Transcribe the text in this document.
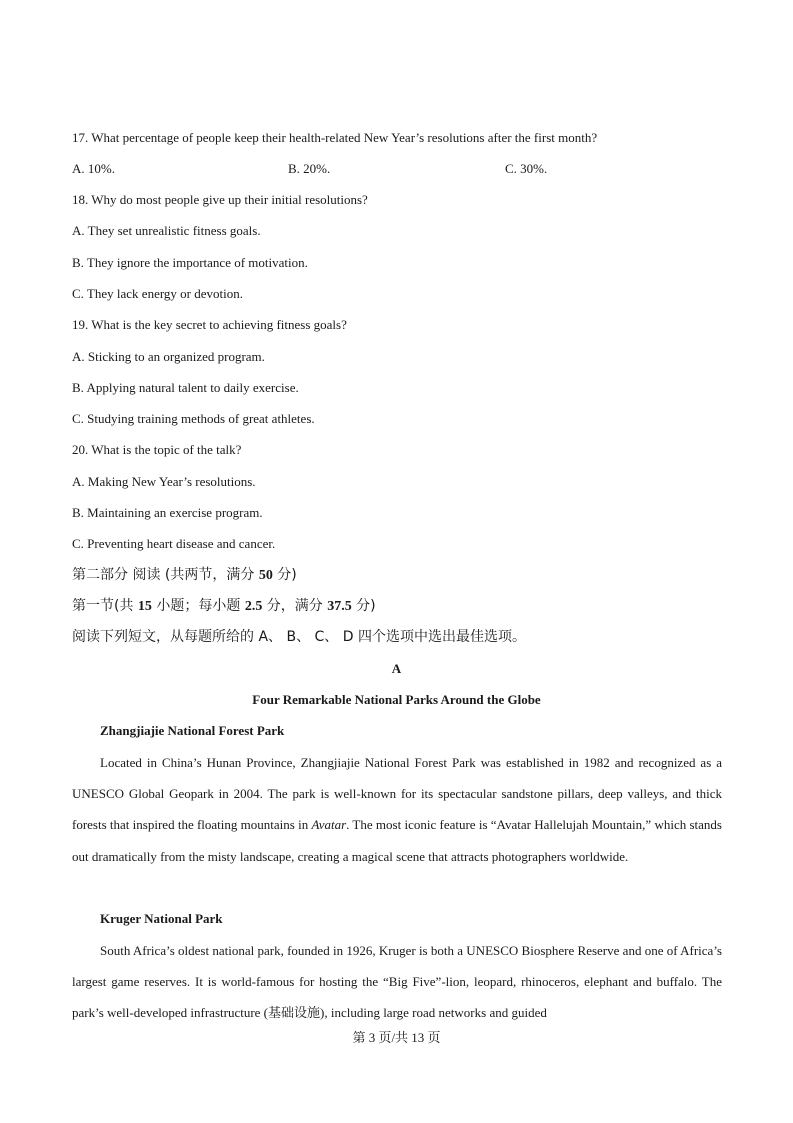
17. What percentage of people keep their health-related New Year’s resolutions after the first month?
A. 10%.	B. 20%.	C. 30%.
18. Why do most people give up their initial resolutions?
A. They set unrealistic fitness goals.
B. They ignore the importance of motivation.
C. They lack energy or devotion.
19. What is the key secret to achieving fitness goals?
A. Sticking to an organized program.
B. Applying natural talent to daily exercise.
C. Studying training methods of great athletes.
20. What is the topic of the talk?
A. Making New Year’s resolutions.
B. Maintaining an exercise program.
C. Preventing heart disease and cancer.
第二部分 阅读 (共两节，满分 50 分)
第一节(共 15 小题；每小题 2.5 分，满分 37.5 分)
阅读下列短文，从每题所给的 A、 B、 C、 D 四个选项中选出最佳选项。
A
Four Remarkable National Parks Around the Globe
Zhangjiajie National Forest Park
Located in China’s Hunan Province, Zhangjiajie National Forest Park was established in 1982 and recognized as a UNESCO Global Geopark in 2004. The park is well-known for its spectacular sandstone pillars, deep valleys, and thick forests that inspired the floating mountains in Avatar. The most iconic feature is “Avatar Hallelujah Mountain,” which stands out dramatically from the misty landscape, creating a magical scene that attracts photographers worldwide.
Kruger National Park
South Africa’s oldest national park, founded in 1926, Kruger is both a UNESCO Biosphere Reserve and one of Africa’s largest game reserves. It is world-famous for hosting the “Big Five”-lion, leopard, rhinoceros, elephant and buffalo. The park’s well-developed infrastructure (基础设施), including large road networks and guided
第 3 页/共 13 页
